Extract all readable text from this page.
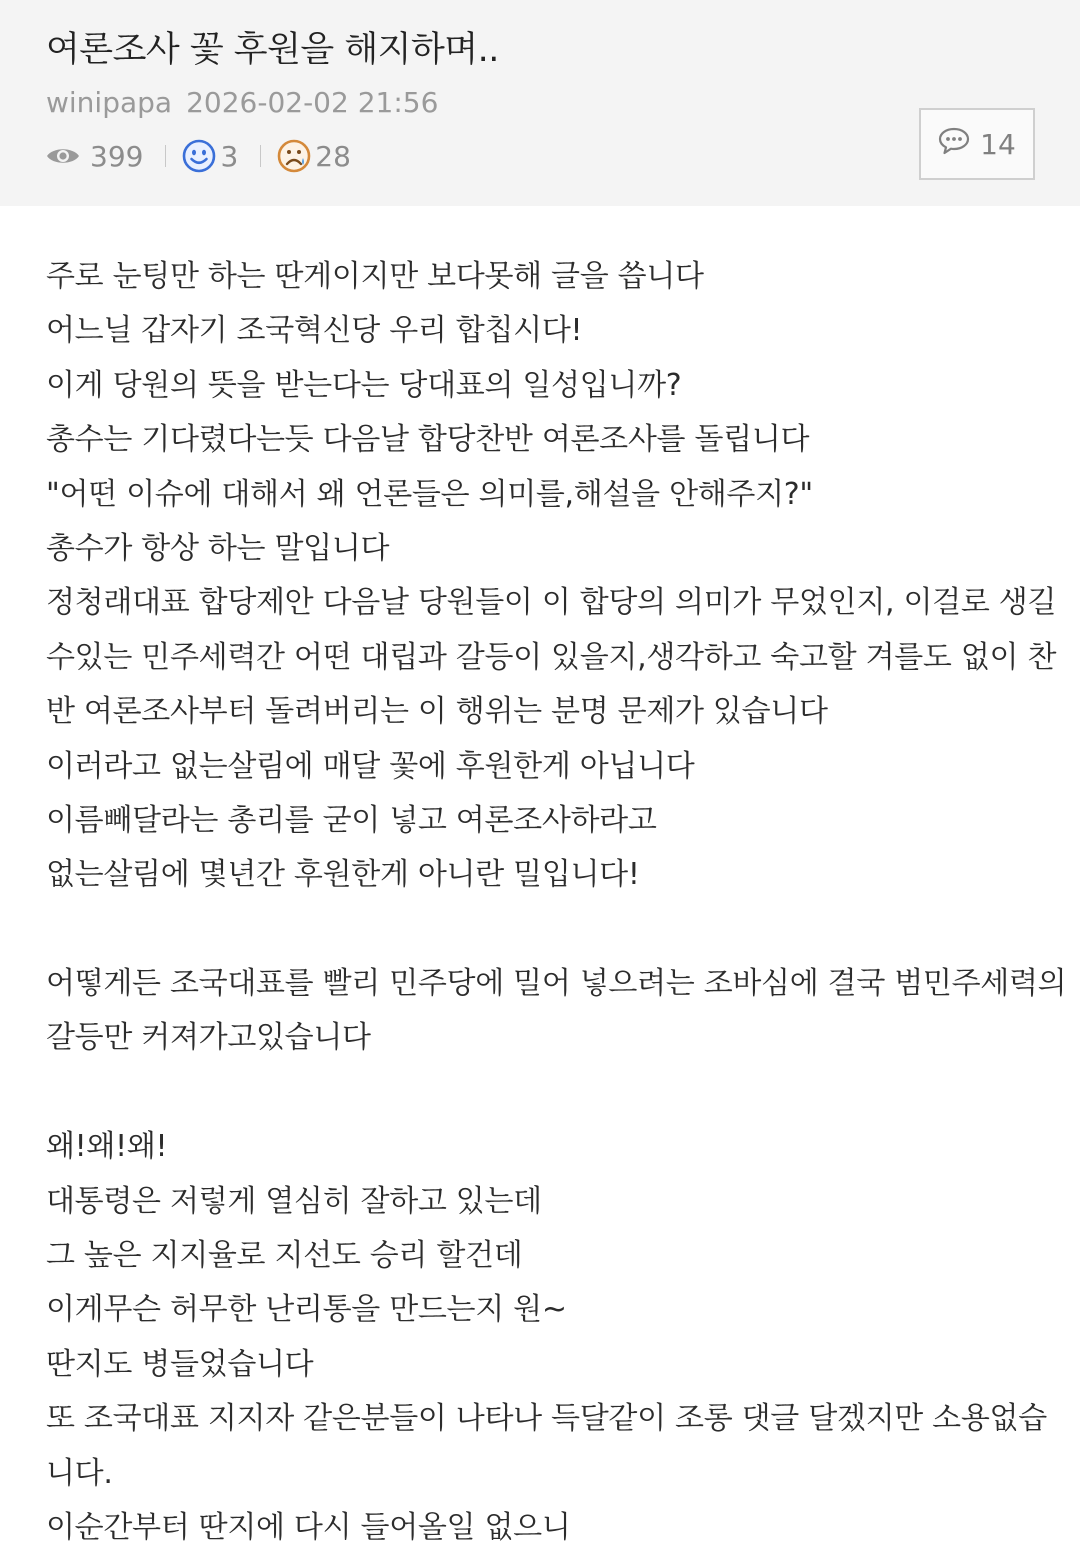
여론조사 꽃 후원을 해지하며..
winipapa 2026-02-02 21:56
399	3	28	14

주로 눈팅만 하는 딴게이지만 보다못해 글을 씁니다

어느닐 갑자기 조국혁신당 우리 합칩시다!

이게 당원의 뜻을 받는다는 당대표의 일성입니까?

총수는 기다렸다는듯 다음날 합당찬반 여론조사를 돌립니다

"어떤 이슈에 대해서 왜 언론들은 의미를,해설을 안해주지?"

총수가 항상 하는 말입니다

정청래대표 합당제안 다음날 당원들이 이 합당의 의미가 무었인지, 이걸로 생길

수있는 민주세력간 어떤 대립과 갈등이 있을지,생각하고 숙고할 겨를도 없이 찬

반 여론조사부터 돌려버리는 이 행위는 분명 문제가 있습니다

이러라고 없는살림에 매달 꽃에 후원한게 아닙니다

이름빼달라는 총리를 굳이 넣고 여론조사하라고

없는살림에 몇년간 후원한게 아니란 밀입니다!

어떻게든 조국대표를 빨리 민주당에 밀어 넣으려는 조바심에 결국 범민주세력의

갈등만 커져가고있습니다

왜!왜!왜!

대통령은 저렇게 열심히 잘하고 있는데

그 높은 지지율로 지선도 승리 할건데

이게무슨 허무한 난리통을 만드는지 원~

딴지도 병들었습니다

또 조국대표 지지자 같은분들이 나타나 득달같이 조롱 댓글 달겠지만 소용없습

니다.

이순간부터 딴지에 다시 들어올일 없으니
